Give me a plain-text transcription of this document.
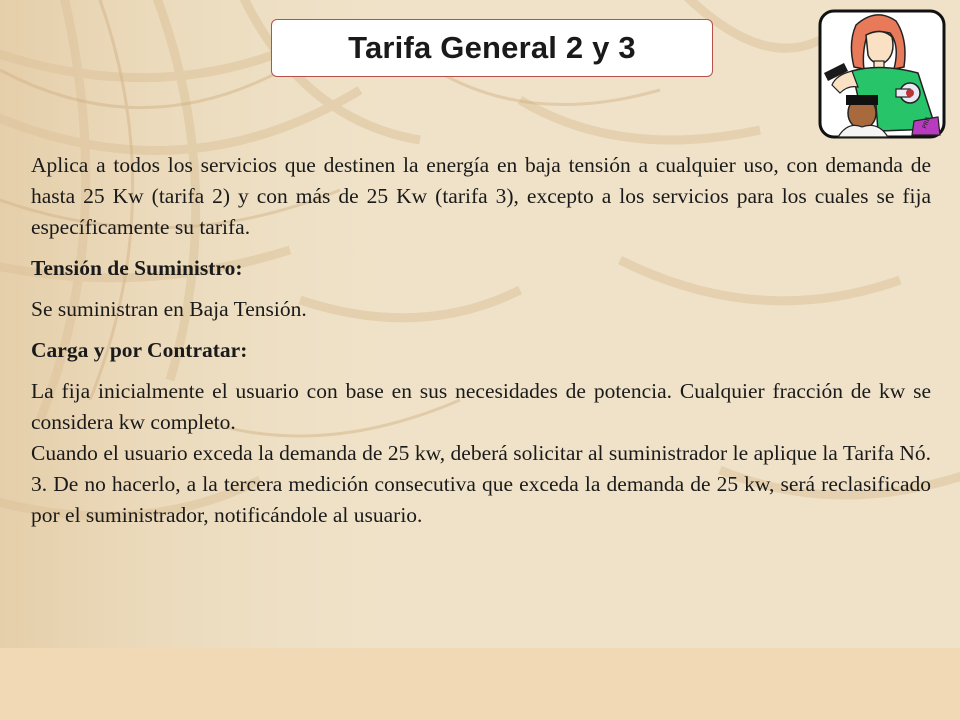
Tarifa General 2 y 3
PRB

Aplica a todos los servicios que destinen la energía en baja tensión a cualquier uso, con demanda de hasta 25 Kw (tarifa 2) y con más de 25 Kw (tarifa 3), excepto a los servicios para los cuales se fija específicamente su tarifa.

Tensión de Suministro:

Se suministran en Baja Tensión.

Carga y por Contratar:

La fija inicialmente el usuario con base en sus necesidades de potencia. Cualquier fracción de kw se considera kw completo.

Cuando el usuario exceda la demanda de 25 kw, deberá solicitar al suministrador le aplique la Tarifa Nó. 3. De no hacerlo, a la tercera medición consecutiva que exceda la demanda de 25 kw, será reclasificado por el suministrador, notificándole al usuario.
